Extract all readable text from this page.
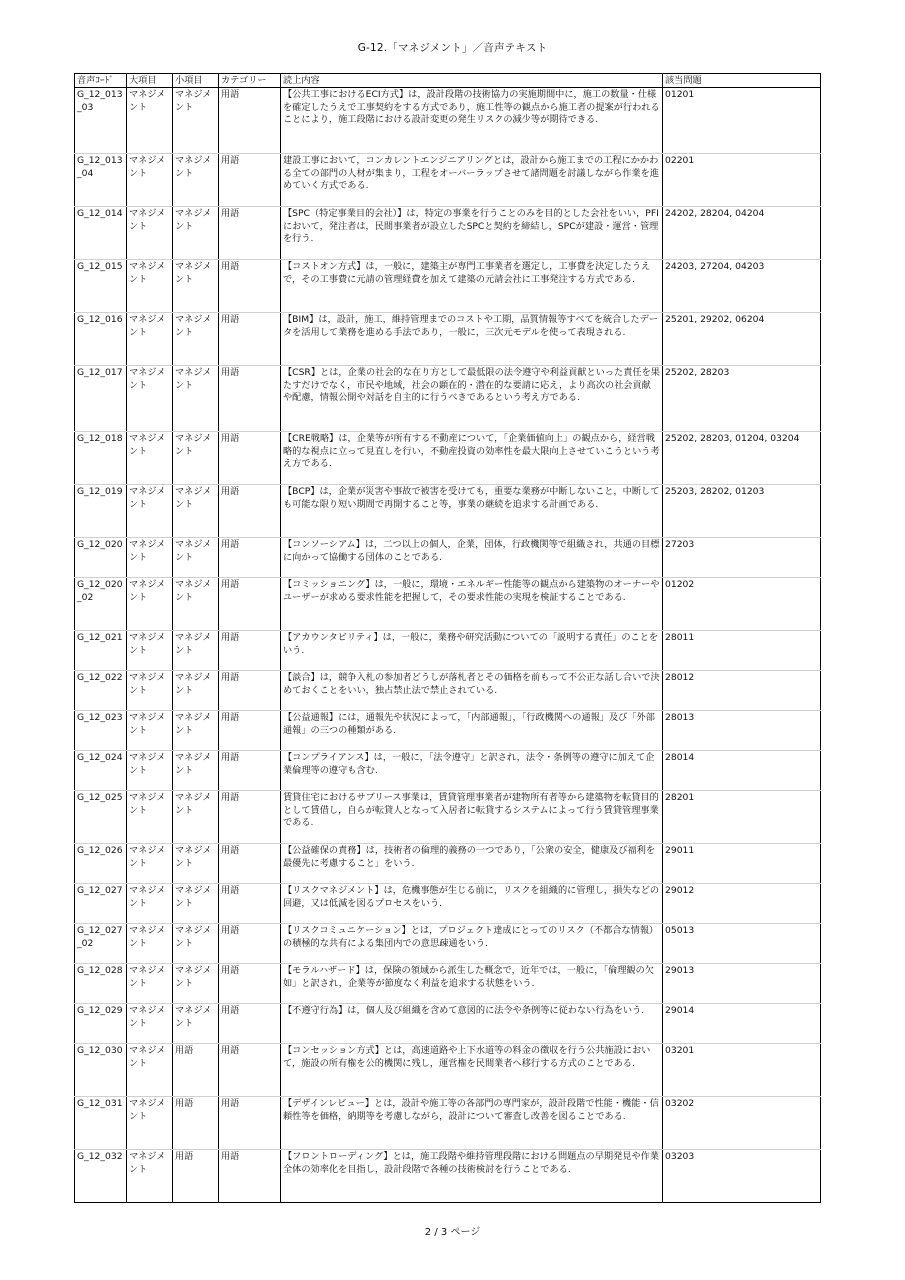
G-12.「マネジメント」／音声テキスト
音声ｺｰﾄﾞ	大項目	小項目	カテゴリー	読上内容	該当問題
G_12_013_03	マネジメント	マネジメント	用語	【公共工事におけるECI方式】は，設計段階の技術協力の実施期間中に，施工の数量・仕様を確定したうえで工事契約をする方式であり，施工性等の観点から施工者の提案が行われることにより，施工段階における設計変更の発生リスクの減少等が期待できる.	01201
G_12_013_04	マネジメント	マネジメント	用語	建設工事において，コンカレントエンジニアリングとは，設計から施工までの工程にかかわる全ての部門の人材が集まり，工程をオーバーラップさせて諸問題を討議しながら作業を進めていく方式である.	02201
G_12_014	マネジメント	マネジメント	用語	【SPC（特定事業目的会社）】は，特定の事業を行うことのみを目的とした会社をいい，PFIにおいて，発注者は，民間事業者が設立したSPCと契約を締結し，SPCが建設・運営・管理を行う.	24202, 28204, 04204
G_12_015	マネジメント	マネジメント	用語	【コストオン方式】は，一般に，建築主が専門工事業者を選定し，工事費を決定したうえで，その工事費に元請の管理経費を加えて建築の元請会社に工事発注する方式である.	24203, 27204, 04203
G_12_016	マネジメント	マネジメント	用語	【BIM】は，設計，施工，維持管理までのコストや工期，品質情報等すべてを統合したデータを活用して業務を進める手法であり，一般に，三次元モデルを使って表現される.	25201, 29202, 06204
G_12_017	マネジメント	マネジメント	用語	【CSR】とは，企業の社会的な在り方として最低限の法令遵守や利益貢献といった責任を果たすだけでなく，市民や地域，社会の顕在的・潜在的な要請に応え，より高次の社会貢献や配慮，情報公開や対話を自主的に行うべきであるという考え方である.	25202, 28203
G_12_018	マネジメント	マネジメント	用語	【CRE戦略】は，企業等が所有する不動産について，「企業価値向上」の観点から，経営戦略的な視点に立って見直しを行い，不動産投資の効率性を最大限向上させていこうという考え方である.	25202, 28203, 01204, 03204
G_12_019	マネジメント	マネジメント	用語	【BCP】は，企業が災害や事故で被害を受けても，重要な業務が中断しないこと，中断しても可能な限り短い期間で再開すること等，事業の継続を追求する計画である.	25203, 28202, 01203
G_12_020	マネジメント	マネジメント	用語	【コンソーシアム】は，二つ以上の個人，企業，団体，行政機関等で組織され，共通の目標に向かって協働する団体のことである.	27203
G_12_020_02	マネジメント	マネジメント	用語	【コミッショニング】は，一般に，環境・エネルギー性能等の観点から建築物のオーナーやユーザーが求める要求性能を把握して，その要求性能の実現を検証することである.	01202
G_12_021	マネジメント	マネジメント	用語	【アカウンタビリティ】は，一般に，業務や研究活動についての「説明する責任」のことをいう.	28011
G_12_022	マネジメント	マネジメント	用語	【談合】は，競争入札の参加者どうしが落札者とその価格を前もって不公正な話し合いで決めておくことをいい，独占禁止法で禁止されている.	28012
G_12_023	マネジメント	マネジメント	用語	【公益通報】には，通報先や状況によって，「内部通報」，「行政機関への通報」及び「外部通報」の三つの種類がある.	28013
G_12_024	マネジメント	マネジメント	用語	【コンプライアンス】は，一般に，「法令遵守」と訳され，法令・条例等の遵守に加えて企業倫理等の遵守も含む.	28014
G_12_025	マネジメント	マネジメント	用語	賃貸住宅におけるサブリース事業は，賃貸管理事業者が建物所有者等から建築物を転貸目的として賃借し，自らが転貸人となって入居者に転貸するシステムによって行う賃貸管理事業である.	28201
G_12_026	マネジメント	マネジメント	用語	【公益確保の責務】は，技術者の倫理的義務の一つであり，「公衆の安全，健康及び福利を最優先に考慮すること」をいう.	29011
G_12_027	マネジメント	マネジメント	用語	【リスクマネジメント】は，危機事態が生じる前に，リスクを組織的に管理し，損失などの回避，又は低減を図るプロセスをいう.	29012
G_12_027_02	マネジメント	マネジメント	用語	【リスクコミュニケーション】とは，プロジェクト達成にとってのリスク（不都合な情報）の積極的な共有による集団内での意思疎通をいう.	05013
G_12_028	マネジメント	マネジメント	用語	【モラルハザード】は，保険の領域から派生した概念で，近年では，一般に，「倫理観の欠如」と訳され，企業等が節度なく利益を追求する状態をいう.	29013
G_12_029	マネジメント	マネジメント	用語	【不遵守行為】は，個人及び組織を含めて意図的に法令や条例等に従わない行為をいう.	29014
G_12_030	マネジメント	用語	用語	【コンセッション方式】とは，高速道路や上下水道等の料金の徴収を行う公共施設において，施設の所有権を公的機関に残し，運営権を民間業者へ移行する方式のことである.	03201
G_12_031	マネジメント	用語	用語	【デザインレビュー】とは，設計や施工等の各部門の専門家が，設計段階で性能・機能・信頼性等を価格，納期等を考慮しながら，設計について審査し改善を図ることである.	03202
G_12_032	マネジメント	用語	用語	【フロントローディング】とは，施工段階や維持管理段階における問題点の早期発見や作業全体の効率化を目指し，設計段階で各種の技術検討を行うことである.	03203
2 / 3 ページ
